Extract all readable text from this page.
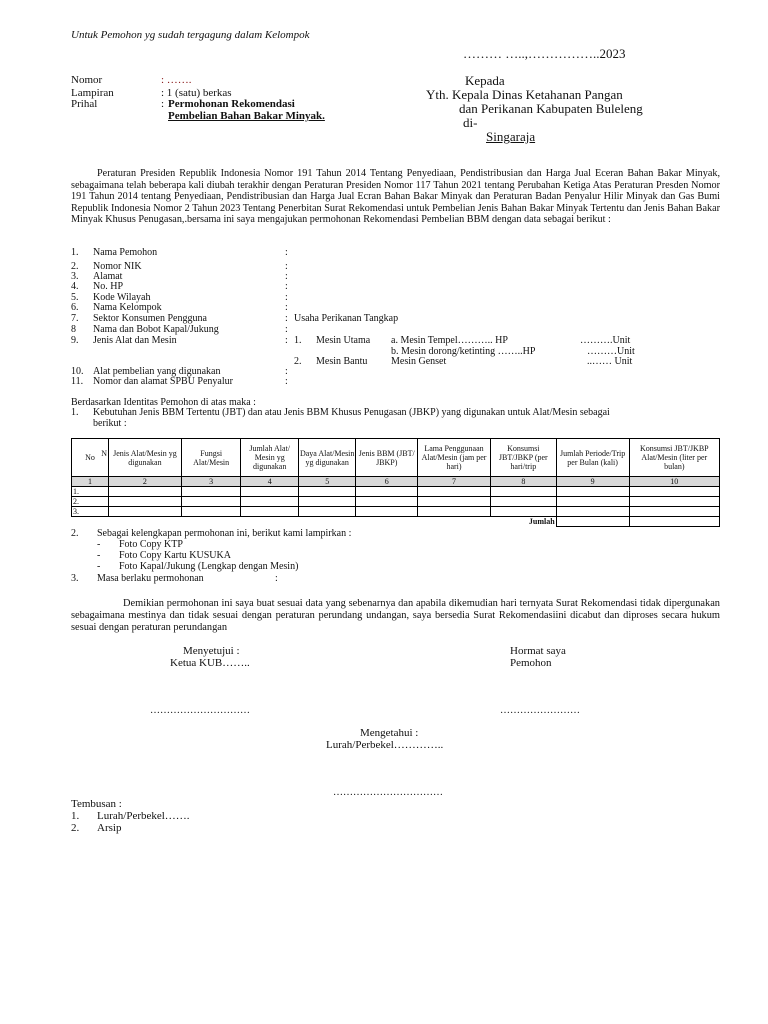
Untuk Pemohon yg sudah tergagung dalam Kelompok
……… …..,……………..2023
Nomor	: …….
Lampiran	: 1 (satu) berkas
Prihal	: Permohonan Rekomendasi
Pembelian Bahan Bakar Minyak.
Kepada
Yth. Kepala Dinas Ketahanan Pangan
dan Perikanan Kabupaten Buleleng
di-
Singaraja
Peraturan Presiden Republik Indonesia Nomor 191 Tahun 2014 Tentang Penyediaan, Pendistribusian dan Harga Jual Eceran Bahan Bakar Minyak, sebagaimana telah beberapa kali diubah terakhir dengan Peraturan Presiden Nomor 117 Tahun 2021 tentang Perubahan Ketiga Atas Peraturan Presden Nomor 191 Tahun 2014 tentang Penyediaan, Pendistribusian dan Harga Jual Ecran Bahan Bakar Minyak dan Peraturan Badan Penyalur Hilir Minyak dan Gas Bumi Republik Indonesia Nomor 2 Tahun 2023 Tentang Penerbitan Surat Rekomendasi untuk Pembelian Jenis Bahan Bakar Minyak Tertentu dan Jenis Bahan Bakar Minyak Khusus Penugasan,.bersama ini saya mengajukan permohonan Rekomendasi Pembelian BBM dengan data sebagai berikut :
1. Nama Pemohon	:
2. Nomor NIK	:
3. Alamat	:
4. No. HP	:
5. Kode Wilayah	:
6. Nama Kelompok	:
7. Sektor Konsumen Pengguna	: Usaha Perikanan Tangkap
8 Nama dan Bobot Kapal/Jukung	:
9. Jenis Alat dan Mesin	: 1. Mesin Utama a. Mesin Tempel……….. HP	……….Unit
b. Mesin dorong/ketinting ……..HP	………Unit
2. Mesin Bantu Mesin Genset	..…… Unit
10. Alat pembelian yang digunakan	:
11. Nomor dan alamat SPBU Penyalur	:
Berdasarkan Identitas Pemohon di atas maka :
1. Kebutuhan Jenis BBM Tertentu (JBT) dan atau Jenis BBM Khusus Penugasan (JBKP) yang digunakan untuk Alat/Mesin sebagai
berikut :
N
No	Jenis Alat/Mesin yg digunakan	Fungsi Alat/Mesin	Jumlah Alat/ Mesin yg digunakan	Daya Alat/Mesin yg digunakan	Jenis BBM (JBT/ JBKP)	Lama Penggunaan Alat/Mesin (jam per hari)	Konsumsi JBT/JBKP (per hari/trip	Jumlah Periode/Trip per Bulan (kali)	Konsumsi JBT/JKBP Alat/Mesin (liter per bulan)
1	2	3	4	5	6	7	8	9	10
1.									
2.									
3.									
Jumlah									
2. Sebagai kelengkapan permohonan ini, berikut kami lampirkan :
- Foto Copy KTP
- Foto Copy Kartu KUSUKA
- Foto Kapal/Jukung (Lengkap dengan Mesin)
3. Masa berlaku permohonan	:
Demikian permohonan ini saya buat sesuai data yang sebenarnya dan apabila dikemudian hari ternyata Surat Rekomendasi tidak dipergunakan sebagaimana mestinya dan tidak sesuai dengan peraturan perundang undangan, saya bersedia Surat Rekomendasiini dicabut dan diproses secara hukum sesuai dengan peraturan perundangan
Menyetujui :
Ketua KUB……..
Hormat saya
Pemohon
…………………………	……………………
Mengetahui :
Lurah/Perbekel…………..
……………………………
Tembusan :
1. Lurah/Perbekel…….
2. Arsip
